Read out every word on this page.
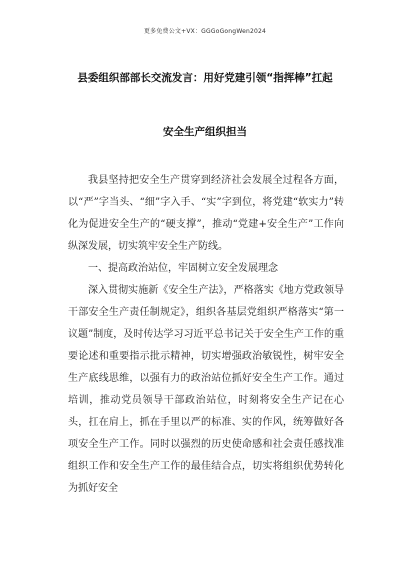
更多免费公文+VX：GGGoGongWen2024
县委组织部部长交流发言：用好党建引领“指挥棒”扛起
安全生产组织担当

我县坚持把安全生产贯穿到经济社会发展全过程各方面，以“严”字当头、“细”字入手、“实”字到位，将党建“软实力”转化为促进安全生产的“硬支撑”，推动“党建+安全生产”工作向纵深发展，切实筑牢安全生产防线。

一、提高政治站位，牢固树立安全发展理念

深入贯彻实施新《安全生产法》，严格落实《地方党政领导干部安全生产责任制规定》，组织各基层党组织严格落实“第一议题”制度，及时传达学习习近平总书记关于安全生产工作的重要论述和重要指示批示精神，切实增强政治敏锐性，树牢安全生产底线思维，以强有力的政治站位抓好安全生产工作。通过培训，推动党员领导干部政治站位，时刻将安全生产记在心头，扛在肩上，抓在手里以严的标准、实的作风，统筹做好各项安全生产工作。同时以强烈的历史使命感和社会责任感找准组织工作和安全生产工作的最佳结合点，切实将组织优势转化为抓好安全
